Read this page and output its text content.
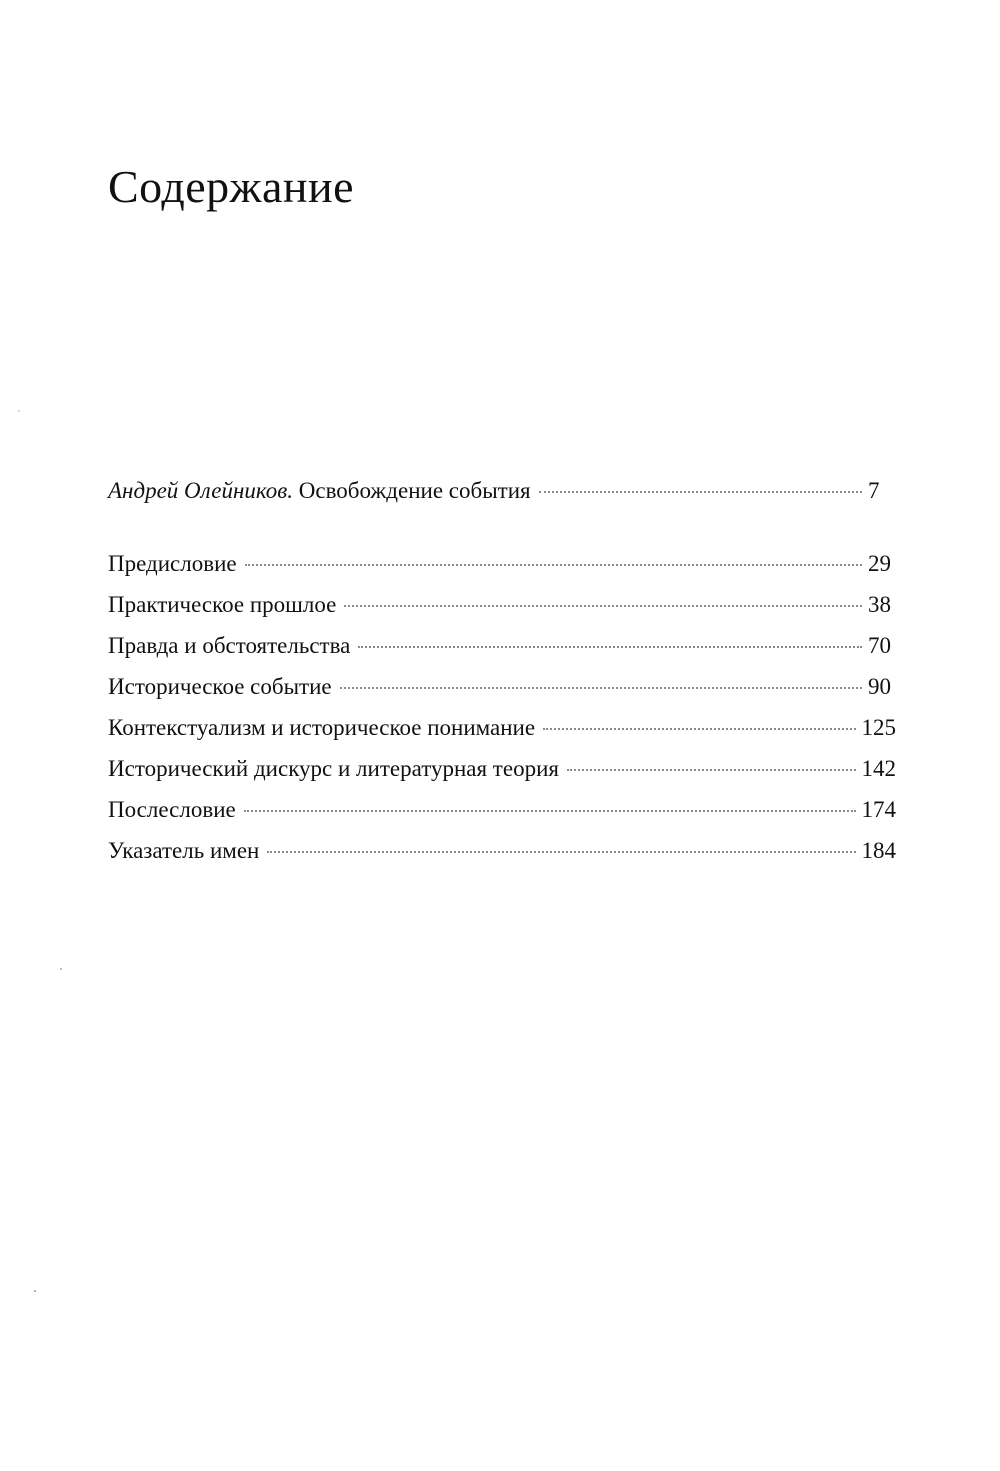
Содержание
Андрей Олейников. Освобождение события	7
Предисловие	29
Практическое прошлое	38
Правда и обстоятельства	70
Историческое событие	90
Контекстуализм и историческое понимание	125
Исторический дискурс и литературная теория	142
Послесловие	174
Указатель имен	184
